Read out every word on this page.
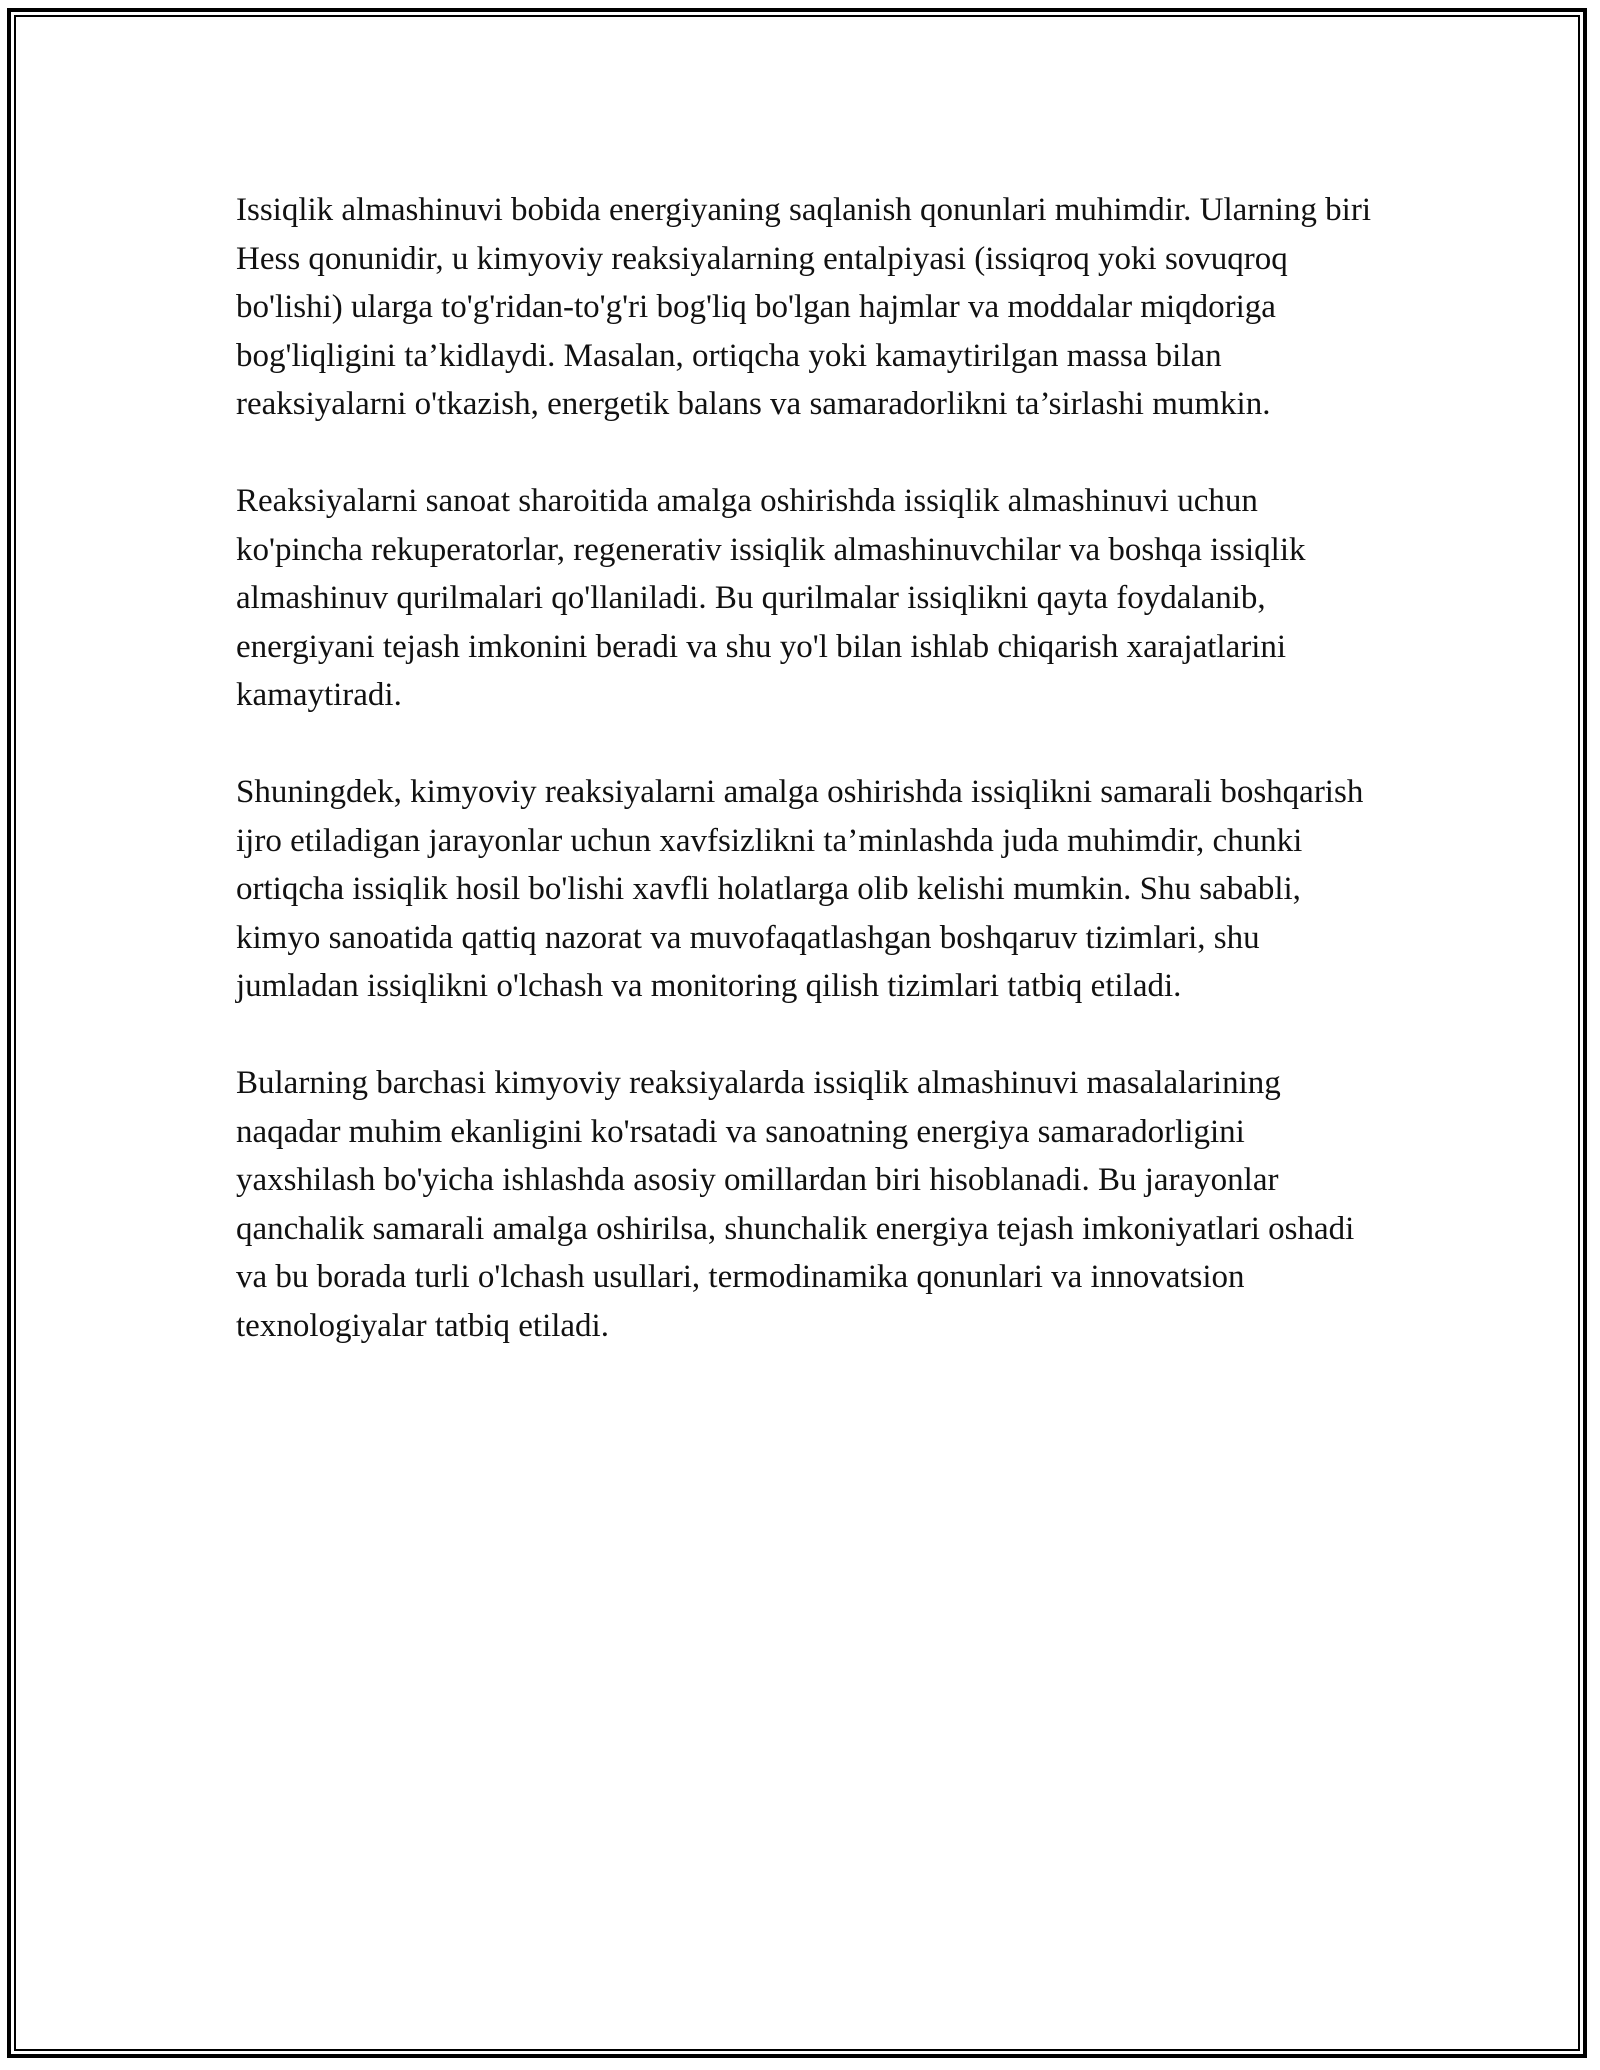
Issiqlik almashinuvi bobida energiyaning saqlanish qonunlari muhimdir. Ularning biri Hess qonunidir, u kimyoviy reaksiyalarning entalpiyasi (issiqroq yoki sovuqroq bo'lishi) ularga to'g'ridan-to'g'ri bog'liq bo'lgan hajmlar va moddalar miqdoriga bog'liqligini ta’kidlaydi. Masalan, ortiqcha yoki kamaytirilgan massa bilan reaksiyalarni o'tkazish, energetik balans va samaradorlikni ta’sirlashi mumkin.

Reaksiyalarni sanoat sharoitida amalga oshirishda issiqlik almashinuvi uchun ko'pincha rekuperatorlar, regenerativ issiqlik almashinuvchilar va boshqa issiqlik almashinuv qurilmalari qo'llaniladi. Bu qurilmalar issiqlikni qayta foydalanib, energiyani tejash imkonini beradi va shu yo'l bilan ishlab chiqarish xarajatlarini kamaytiradi.

Shuningdek, kimyoviy reaksiyalarni amalga oshirishda issiqlikni samarali boshqarish ijro etiladigan jarayonlar uchun xavfsizlikni ta’minlashda juda muhimdir, chunki ortiqcha issiqlik hosil bo'lishi xavfli holatlarga olib kelishi mumkin. Shu sababli, kimyo sanoatida qattiq nazorat va muvofaqatlashgan boshqaruv tizimlari, shu jumladan issiqlikni o'lchash va monitoring qilish tizimlari tatbiq etiladi.

Bularning barchasi kimyoviy reaksiyalarda issiqlik almashinuvi masalalarining naqadar muhim ekanligini ko'rsatadi va sanoatning energiya samaradorligini yaxshilash bo'yicha ishlashda asosiy omillardan biri hisoblanadi. Bu jarayonlar qanchalik samarali amalga oshirilsa, shunchalik energiya tejash imkoniyatlari oshadi va bu borada turli o'lchash usullari, termodinamika qonunlari va innovatsion texnologiyalar tatbiq etiladi.
